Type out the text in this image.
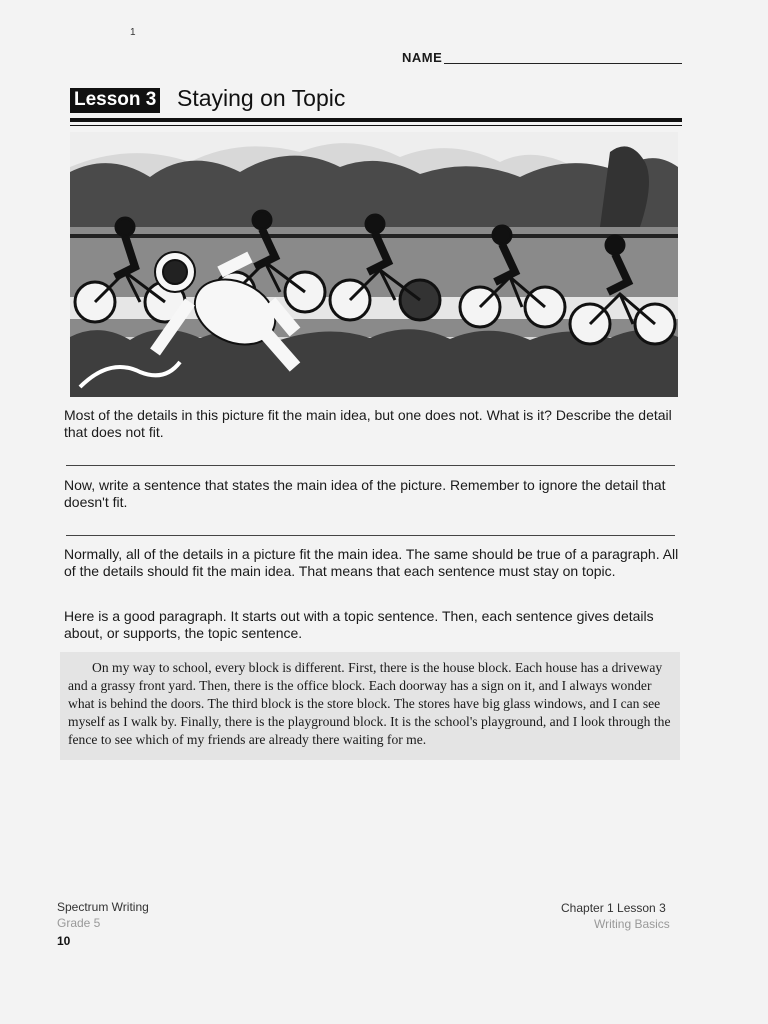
1
NAME
Lesson 3 Staying on Topic
Most of the details in this picture fit the main idea, but one does not. What is it? Describe the detail that does not fit.
Now, write a sentence that states the main idea of the picture. Remember to ignore the detail that doesn't fit.
Normally, all of the details in a picture fit the main idea. The same should be true of a paragraph. All of the details should fit the main idea. That means that each sentence must stay on topic.
Here is a good paragraph. It starts out with a topic sentence. Then, each sentence gives details about, or supports, the topic sentence.
On my way to school, every block is different. First, there is the house block. Each house has a driveway and a grassy front yard. Then, there is the office block. Each doorway has a sign on it, and I always wonder what is behind the doors. The third block is the store block. The stores have big glass windows, and I can see myself as I walk by. Finally, there is the playground block. It is the school's playground, and I look through the fence to see which of my friends are already there waiting for me.
Spectrum Writing
Grade 5
10
Chapter 1 Lesson 3
Writing Basics
